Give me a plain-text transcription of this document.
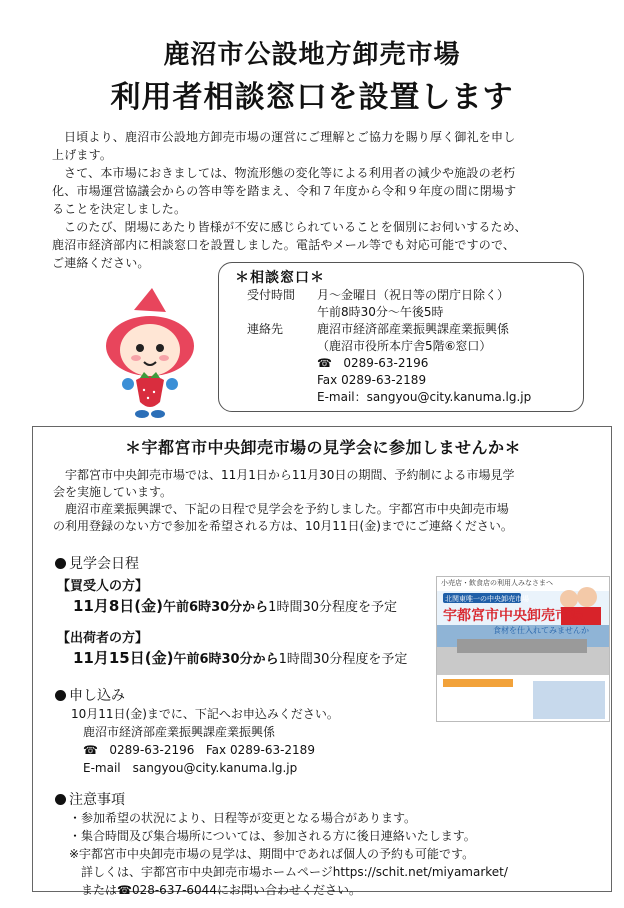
鹿沼市公設地方卸売市場
利用者相談窓口を設置します

日頃より、鹿沼市公設地方卸売市場の運営にご理解とご協力を賜り厚く御礼を申し

上げます。

さて、本市場におきましては、物流形態の変化等による利用者の減少や施設の老朽

化、市場運営協議会からの答申等を踏まえ、令和７年度から令和９年度の間に閉場す
ることを決定しました。

このたび、閉場にあたり皆様が不安に感じられていることを個別にお伺いするため、

鹿沼市経済部内に相談窓口を設置しました。電話やメール等でも対応可能ですので、
ご連絡ください。
＊相談窓口＊
受付時間 月～金曜日（祝日等の閉庁日除く）
午前8時30分～午後5時
連絡先	鹿沼市経済部産業振興課産業振興係
（鹿沼市役所本庁舎5階⑥窓口）
☎ 0289-63-2196
Fax 0289-63-2189
E-mail：sangyou@city.kanuma.lg.jp
＊宇都宮市中央卸売市場の見学会に参加しませんか＊

宇都宮市中央卸売市場では、11月1日から11月30日の期間、予約制による市場見学

会を実施しています。

鹿沼市産業振興課で、下記の日程で見学会を予約しました。宇都宮市中央卸売市場

の利用登録のない方で参加を希望される方は、10月11日(金)までにご連絡ください。
見学会日程
【買受人の方】
11月8日(金)午前6時30分から1時間30分程度を予定
【出荷者の方】
11月15日(金)午前6時30分から1時間30分程度を予定
申し込み
10月11日(金)までに、下記へお申込みください。
鹿沼市経済部産業振興課産業振興係
☎ 0289-63-2196 Fax 0289-63-2189
E-mail　sangyou@city.kanuma.lg.jp
注意事項
・参加希望の状況により、日程等が変更となる場合があります。
・集合時間及び集合場所については、参加される方に後日連絡いたします。
※宇都宮市中央卸売市場の見学は、期間中であれば個人の予約も可能です。
　詳しくは、宇都宮市中央卸売市場ホームページhttps://schit.net/miyamarket/
　または☎028-637-6044にお問い合わせください。
小売店・飲食店の利用人みなさまへ
北関東唯一の中央卸売市場
宇都宮市中央卸売市場
食材を仕入れてみませんか
